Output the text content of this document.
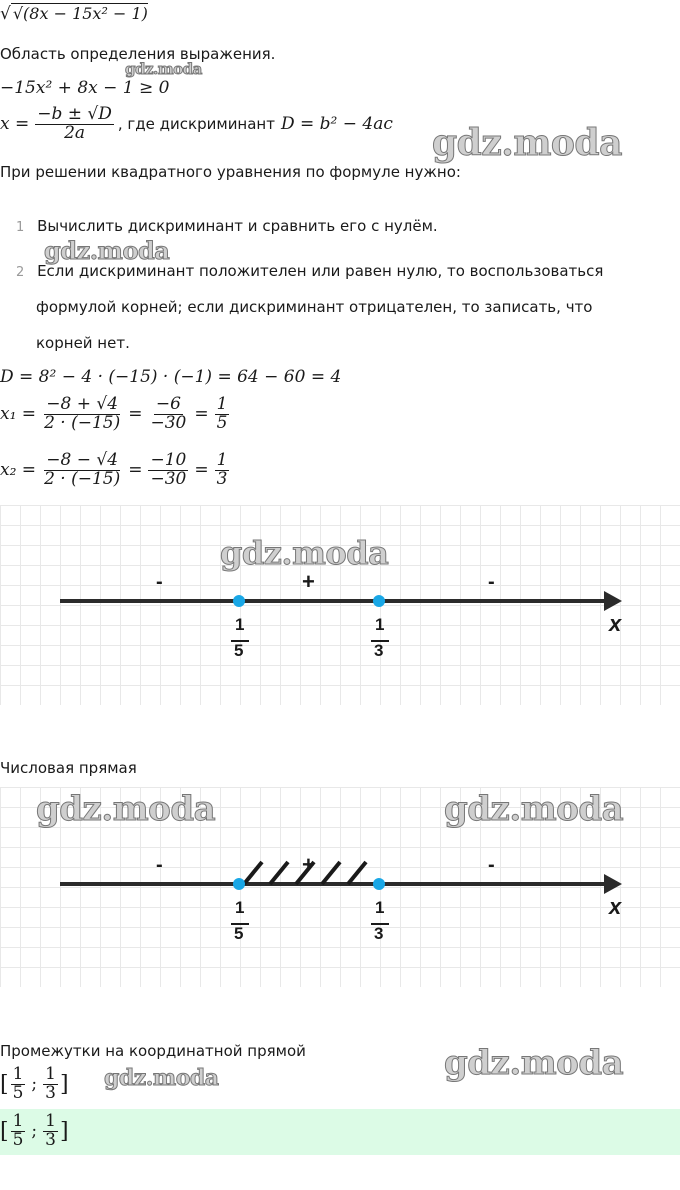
√ √(8x − 15x² − 1)
Область определения выражения.
−15x² + 8x − 1 ≥ 0
$x = \frac{-b \pm √D}{2a}$ , где дискриминант D = b² − 4ac
При решении квадратного уравнения по формуле нужно:
1 Вычислить дискриминант и сравнить его с нулём.
2 Если дискриминант положителен или равен нулю, то воспользоваться
формулой корней; если дискриминант отрицателен, то записать, что
корней нет.
D = 8² − 4 · (−15) · (−1) = 64 − 60 = 4
$x_1 = \frac{-8 + √4}{2 \cdot (-15)} = \frac{-6}{-30} = \frac{1}{5}$
$x_2 = \frac{-8 - √4}{2 \cdot (-15)} = \frac{-10}{-30} = \frac{1}{3}$
-	+	-
1
5
1
3
x
Числовая прямая
-	+	-
1
5
1
3
x
Промежутки на координатной прямой
[ $\frac{1}{5}$ ; $\frac{1}{3}$ ]
[ $\frac{1}{5}$ ; $\frac{1}{3}$ ]
gdz.moda
gdz.moda
gdz.moda
gdz.moda
gdz.moda	gdz.moda
gdz.moda
gdz.moda
